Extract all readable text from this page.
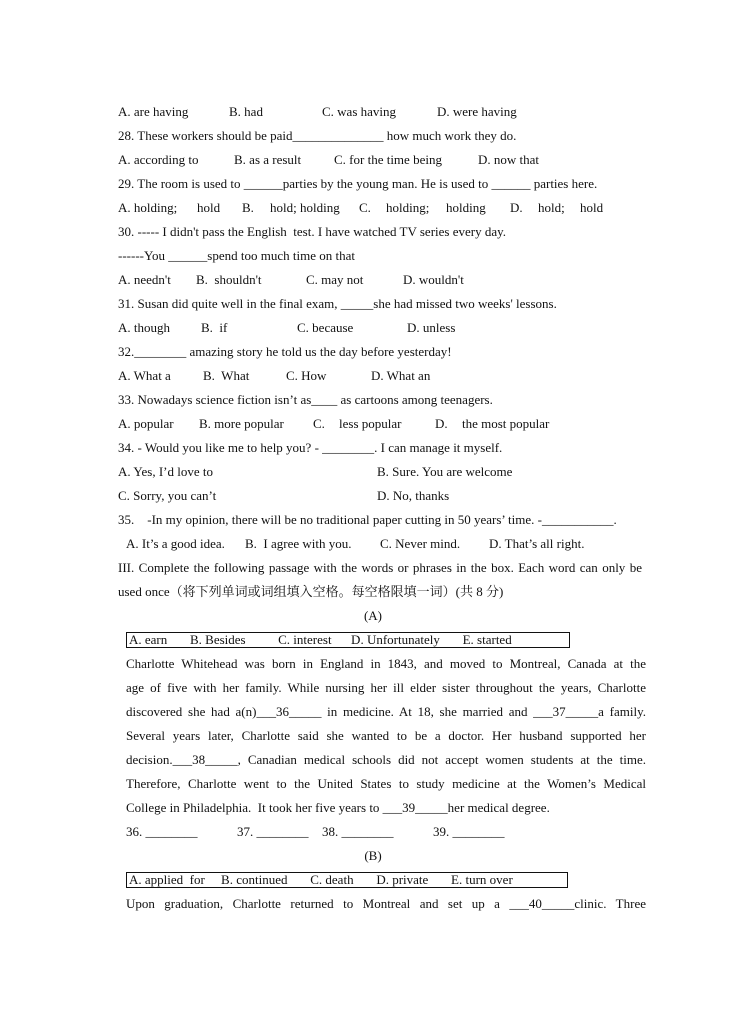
A. are having	B. had	C. was having	D. were having
28. These workers should be paid______________ how much work they do.
A. according to	B. as a result	C. for the time being	D. now that
29. The room is used to ______parties by the young man. He is used to ______ parties here.
A. holding; hold B. hold; holding C. holding; holding D. hold; hold
30. ----- I didn't pass the English  test. I have watched TV series every day.
------You ______spend too much time on that
A. needn't B.  shouldn't	C. may not	D. wouldn't
31. Susan did quite well in the final exam, _____she had missed two weeks' lessons.
A. though B.  if	C. because	D. unless
32.________ amazing story he told us the day before yesterday!
A. What a B.  What	C. How	D. What an
33. Nowadays science fiction isn’t as____ as cartoons among teenagers.
A. popular B. more popular C. less popular	D. the most popular
34. - Would you like me to help you? - ________. I can manage it myself.
A. Yes, I’d love to	B. Sure. You are welcome
C. Sorry, you can’t	D. No, thanks
35.    -In my opinion, there will be no traditional paper cutting in 50 years’ time. -___________.
A. It’s a good idea. B.  I agree with you. C. Never mind. D. That’s all right.
III. Complete the following passage with the words or phrases in the box. Each word can only be
used once（将下列单词或词组填入空格。每空格限填一词）(共 8 分)
(A)
A. earn       B. Besides          C. interest      D. Unfortunately       E. started
Charlotte Whitehead was born in England in 1843, and moved to Montreal, Canada at the
age of five with her family. While nursing her ill elder sister throughout the years, Charlotte
discovered she had a(n)___36_____ in medicine. At 18, she married and ___37_____a family.
Several years later, Charlotte said she wanted to be a doctor. Her husband supported her
decision.___38_____, Canadian medical schools did not accept women students at the time.
Therefore, Charlotte went to the United States to study medicine at the Women’s Medical
College in Philadelphia.  It took her five years to ___39_____her medical degree.
36. ________	37. ________ 38. ________	39. ________
(B)
A. applied  for     B. continued       C. death       D. private       E. turn over
Upon graduation, Charlotte returned to Montreal and set up a ___40_____clinic. Three
